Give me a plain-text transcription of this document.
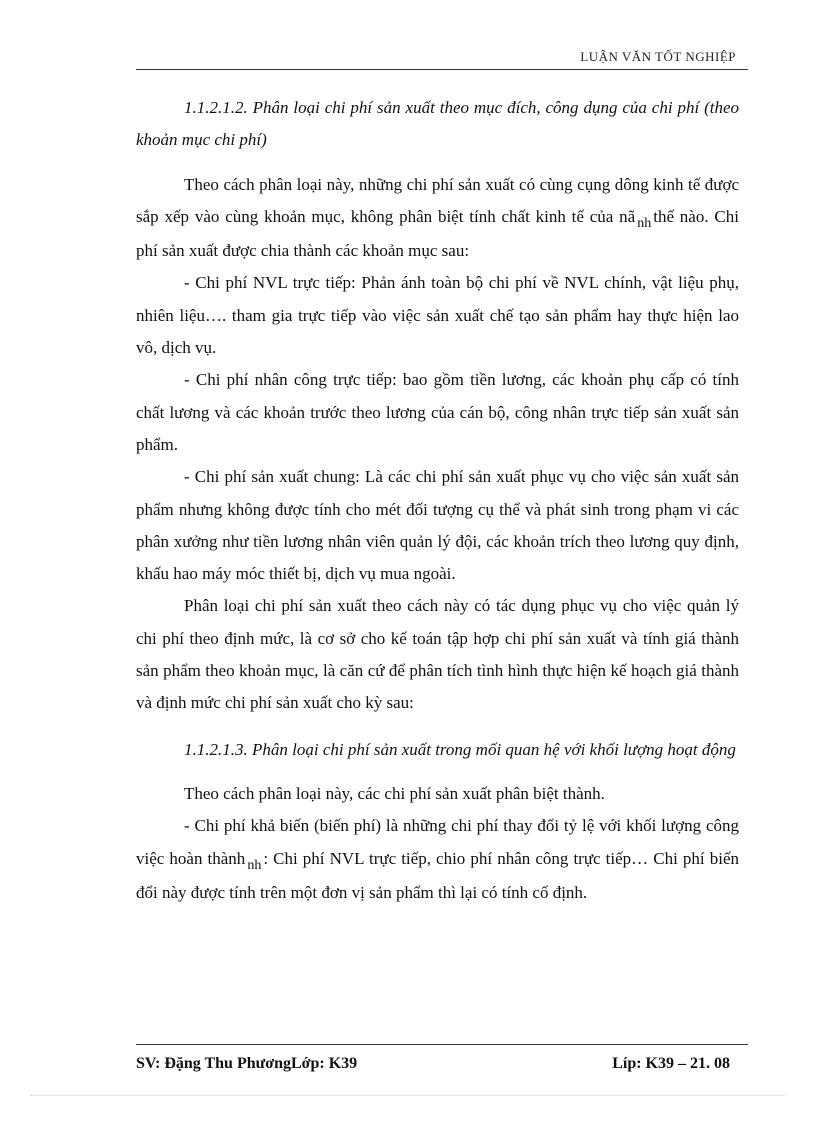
LUẬN VĂN TỐT NGHIỆP

1.1.2.1.2. Phân loại chi phí sản xuất theo mục đích, công dụng của chi phí (theo khoản mục chi phí)

Theo cách phân loại này, những chi phí sản xuất có cùng cụng dông kinh tế được sắp xếp vào cùng khoản mục, không phân biệt tính chất kinh tế của nã $_{nh}$ thế nào. Chi phí sản xuất được chia thành các khoản mục sau:

- Chi phí NVL trực tiếp: Phản ánh toàn bộ chi phí về NVL chính, vật liệu phụ, nhiên liệu…. tham gia trực tiếp vào việc sản xuất chế tạo sản phẩm hay thực hiện lao vô, dịch vụ.

- Chi phí nhân công trực tiếp: bao gồm tiền lương, các khoản phụ cấp có tính chất lương và các khoản trước theo lương của cán bộ, công nhân trực tiếp sản xuất sản phẩm.

- Chi phí sản xuất chung: Là các chi phí sản xuất phục vụ cho việc sản xuất sản phẩm nhưng không được tính cho mét đối tượng cụ thể và phát sinh trong phạm vi các phân xưởng như tiền lương nhân viên quản lý đội, các khoản trích theo lương quy định, khấu hao máy móc thiết bị, dịch vụ mua ngoài.

Phân loại chi phí sản xuất theo cách này có tác dụng phục vụ cho việc quản lý chi phí theo định mức, là cơ sở cho kế toán tập hợp chi phí sản xuất và tính giá thành sản phẩm theo khoản mục, là căn cứ để phân tích tình hình thực hiện kế hoạch giá thành và định mức chi phí sản xuất cho kỳ sau:

1.1.2.1.3. Phân loại chi phí sản xuất trong mối quan hệ với khối lượng hoạt động

Theo cách phân loại này, các chi phí sản xuất phân biệt thành.

- Chi phí khả biến (biến phí) là những chi phí thay đổi tỷ lệ với khối lượng công việc hoàn thành $_{nh}$ : Chi phí NVL trực tiếp, chio phí nhân công trực tiếp… Chi phí biến đổi này được tính trên một đơn vị sản phẩm thì lại có tính cố định.

SV: Đặng Thu PhươngLớp: K39	Líp: K39 – 21. 08
